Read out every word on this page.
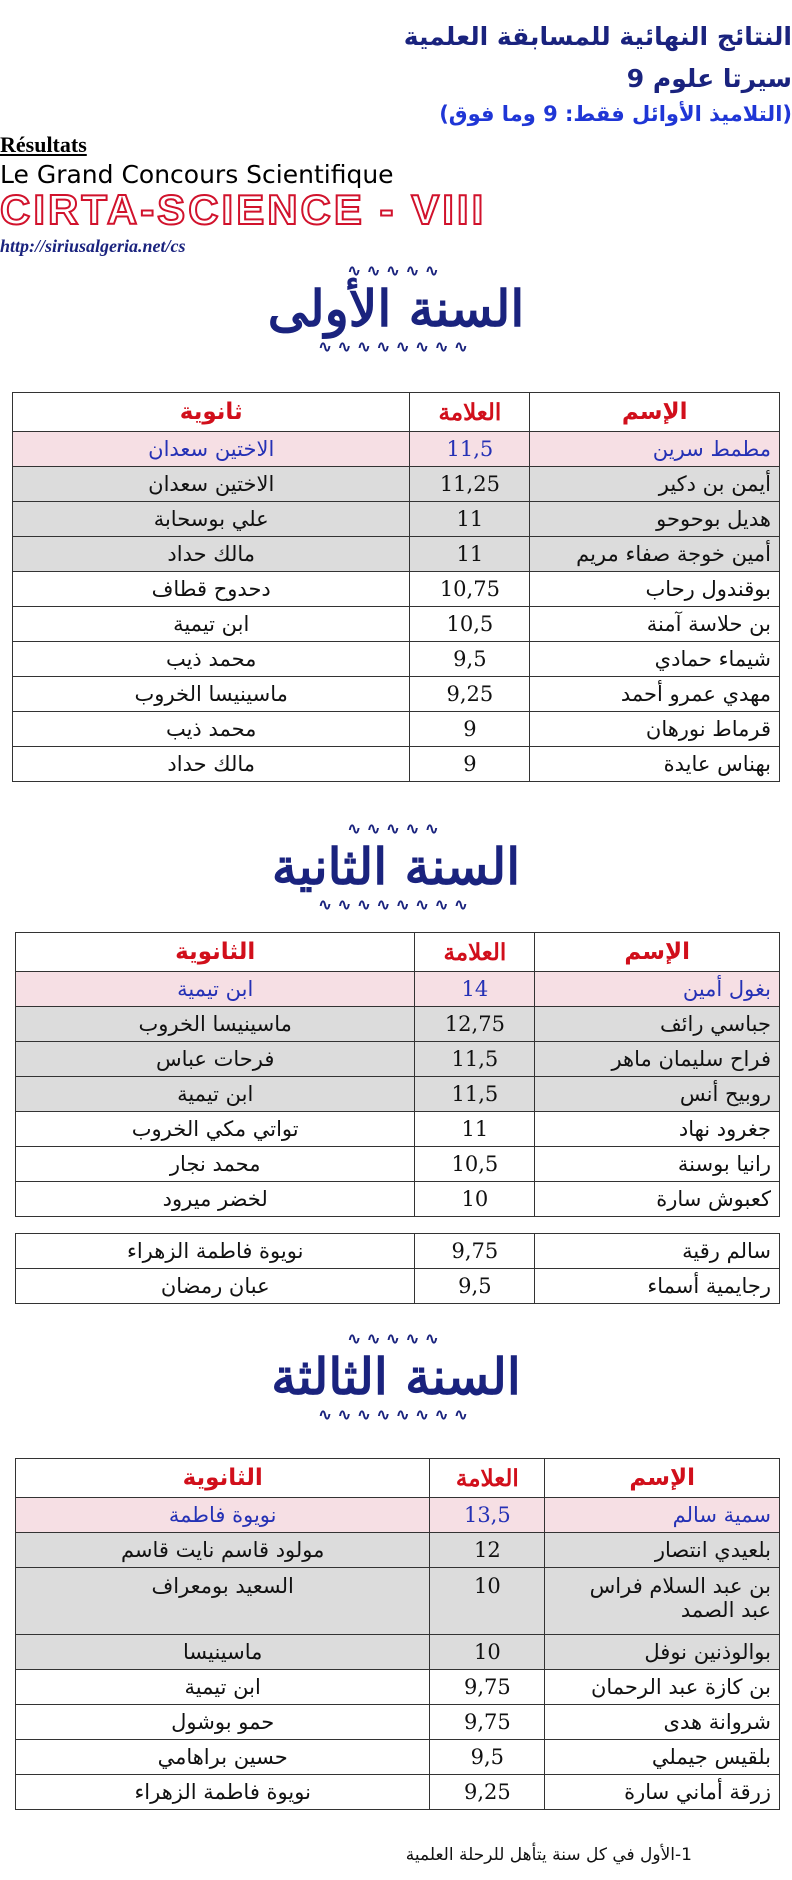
النتائج النهائية للمسابقة العلمية
سيرتا علوم 9
(التلاميذ الأوائل فقط: 9 وما فوق)
Résultats
Le Grand Concours Scientifique
CIRTA-SCIENCE - VIII
http://siriusalgeria.net/cs
∿∿∿∿∿
السنة الأولى
∿∿∿∿∿∿∿∿
الإسم	العلامة	ثانوية
مطمط سرين	11,5	الاختين سعدان
أيمن بن دكير	11,25	الاختين سعدان
هديل بوحوحو	11	علي بوسحابة
أمين خوجة صفاء مريم	11	مالك حداد
بوقندول رحاب	10,75	دحدوح قطاف
بن حلاسة آمنة	10,5	ابن تيمية
شيماء حمادي	9,5	محمد ذيب
مهدي عمرو أحمد	9,25	ماسينيسا الخروب
قرماط نورهان	9	محمد ذيب
بهناس عايدة	9	مالك حداد
∿∿∿∿∿
السنة الثانية
∿∿∿∿∿∿∿∿
الإسم	العلامة	الثانوية
بغول أمين	14	ابن تيمية
جباسي رائف	12,75	ماسينيسا الخروب
فراح سليمان ماهر	11,5	فرحات عباس
روبيح أنس	11,5	ابن تيمية
جغرود نهاد	11	تواتي مكي الخروب
رانيا بوسنة	10,5	محمد نجار
كعبوش سارة	10	لخضر ميرود
سالم رقية	9,75	نويوة فاطمة الزهراء
رجايمية أسماء	9,5	عبان رمضان
∿∿∿∿∿
السنة الثالثة
∿∿∿∿∿∿∿∿
الإسم	العلامة	الثانوية
سمية سالم	13,5	نويوة فاطمة
بلعيدي انتصار	12	مولود قاسم نايت قاسم
بن عبد السلام فراس عبد الصمد	10	السعيد بومعراف
بوالوذنين نوفل	10	ماسينيسا
بن كازة عبد الرحمان	9,75	ابن تيمية
شروانة هدى	9,75	حمو بوشول
بلقيس جيملي	9,5	حسين براهامي
زرقة أماني سارة	9,25	نويوة فاطمة الزهراء
1-الأول في كل سنة يتأهل للرحلة العلمية
